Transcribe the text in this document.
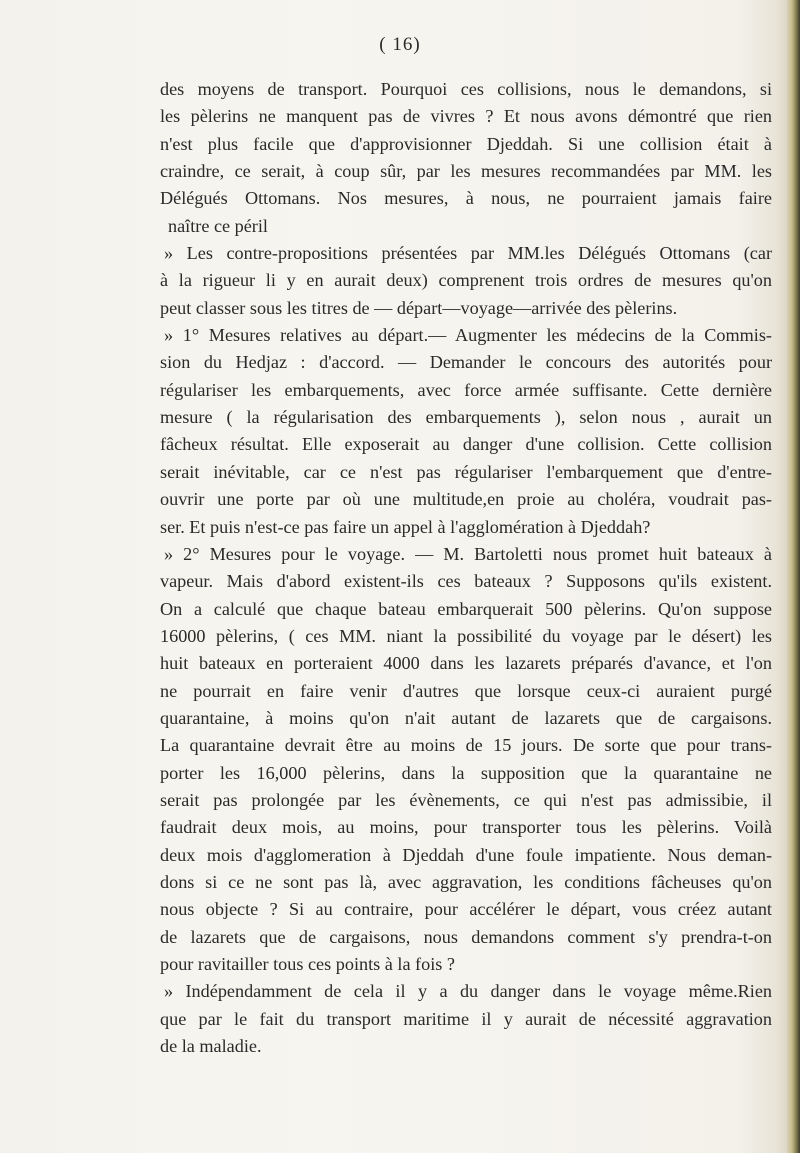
( 16)
des moyens de transport. Pourquoi ces collisions, nous le demandons, si
les pèlerins ne manquent pas de vivres ? Et nous avons démontré que rien
n'est plus facile que d'approvisionner Djeddah. Si une collision était à
craindre, ce serait, à coup sûr, par les mesures recommandées par MM. les
Délégués Ottomans. Nos mesures, à nous, ne pourraient jamais faire
naître ce péril
» Les contre-propositions présentées par MM.les Délégués Ottomans (car
à la rigueur li y en aurait deux) comprenent trois ordres de mesures qu'on
peut classer sous les titres de — départ—voyage—arrivée des pèlerins.
» 1° Mesures relatives au départ.— Augmenter les médecins de la Commis-
sion du Hedjaz : d'accord. — Demander le concours des autorités pour
régulariser les embarquements, avec force armée suffisante. Cette dernière
mesure ( la régularisation des embarquements ), selon nous , aurait un
fâcheux résultat. Elle exposerait au danger d'une collision. Cette collision
serait inévitable, car ce n'est pas régulariser l'embarquement que d'entre-
ouvrir une porte par où une multitude,en proie au choléra, voudrait pas-
ser. Et puis n'est-ce pas faire un appel à l'agglomération à Djeddah?
» 2° Mesures pour le voyage. — M. Bartoletti nous promet huit bateaux à
vapeur. Mais d'abord existent-ils ces bateaux ? Supposons qu'ils existent.
On a calculé que chaque bateau embarquerait 500 pèlerins. Qu'on suppose
16000 pèlerins, ( ces MM. niant la possibilité du voyage par le désert) les
huit bateaux en porteraient 4000 dans les lazarets préparés d'avance, et l'on
ne pourrait en faire venir d'autres que lorsque ceux-ci auraient purgé
quarantaine, à moins qu'on n'ait autant de lazarets que de cargaisons.
La quarantaine devrait être au moins de 15 jours. De sorte que pour trans-
porter les 16,000 pèlerins, dans la supposition que la quarantaine ne
serait pas prolongée par les évènements, ce qui n'est pas admissibie, il
faudrait deux mois, au moins, pour transporter tous les pèlerins. Voilà
deux mois d'agglomeration à Djeddah d'une foule impatiente. Nous deman-
dons si ce ne sont pas là, avec aggravation, les conditions fâcheuses qu'on
nous objecte ? Si au contraire, pour accélérer le départ, vous créez autant
de lazarets que de cargaisons, nous demandons comment s'y prendra-t-on
pour ravitailler tous ces points à la fois ?
» Indépendamment de cela il y a du danger dans le voyage même.Rien
que par le fait du transport maritime il y aurait de nécessité aggravation
de la maladie.
